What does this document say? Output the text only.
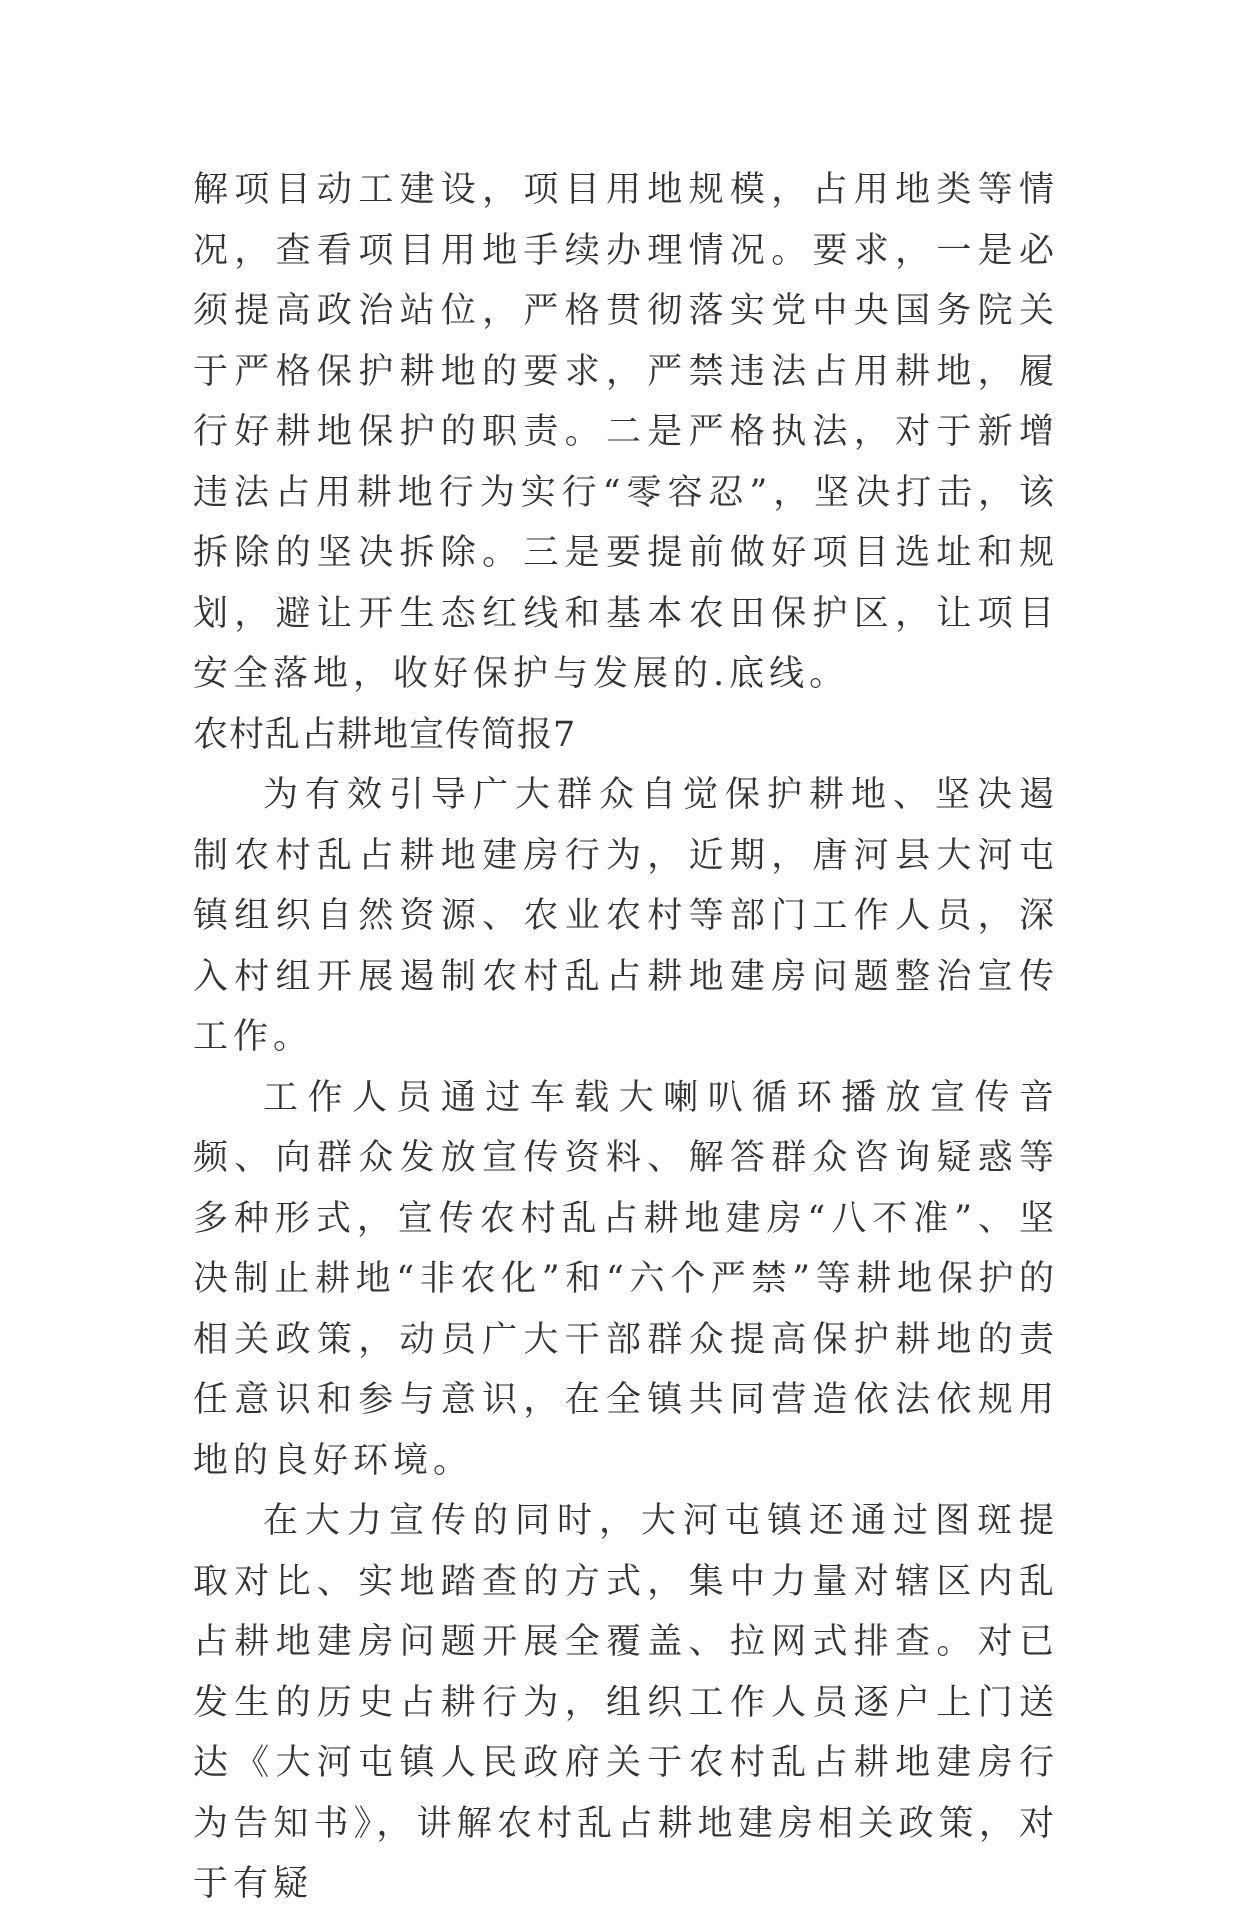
解项目动工建设，项目用地规模，占用地类等情况，查看项目用地手续办理情况。要求，一是必须提高政治站位，严格贯彻落实党中央国务院关于严格保护耕地的要求，严禁违法占用耕地，履行好耕地保护的职责。二是严格执法，对于新增违法占用耕地行为实行“零容忍”，坚决打击，该拆除的坚决拆除。三是要提前做好项目选址和规划，避让开生态红线和基本农田保护区，让项目安全落地，收好保护与发展的.底线。

农村乱占耕地宣传简报7

为有效引导广大群众自觉保护耕地、坚决遏制农村乱占耕地建房行为，近期，唐河县大河屯镇组织自然资源、农业农村等部门工作人员，深入村组开展遏制农村乱占耕地建房问题整治宣传工作。

工作人员通过车载大喇叭循环播放宣传音频、向群众发放宣传资料、解答群众咨询疑惑等多种形式，宣传农村乱占耕地建房“八不准”、坚决制止耕地“非农化”和“六个严禁”等耕地保护的相关政策，动员广大干部群众提高保护耕地的责任意识和参与意识，在全镇共同营造依法依规用地的良好环境。

在大力宣传的同时，大河屯镇还通过图斑提取对比、实地踏查的方式，集中力量对辖区内乱占耕地建房问题开展全覆盖、拉网式排查。对已发生的历史占耕行为，组织工作人员逐户上门送达《大河屯镇人民政府关于农村乱占耕地建房行为告知书》，讲解农村乱占耕地建房相关政策，对于有疑
